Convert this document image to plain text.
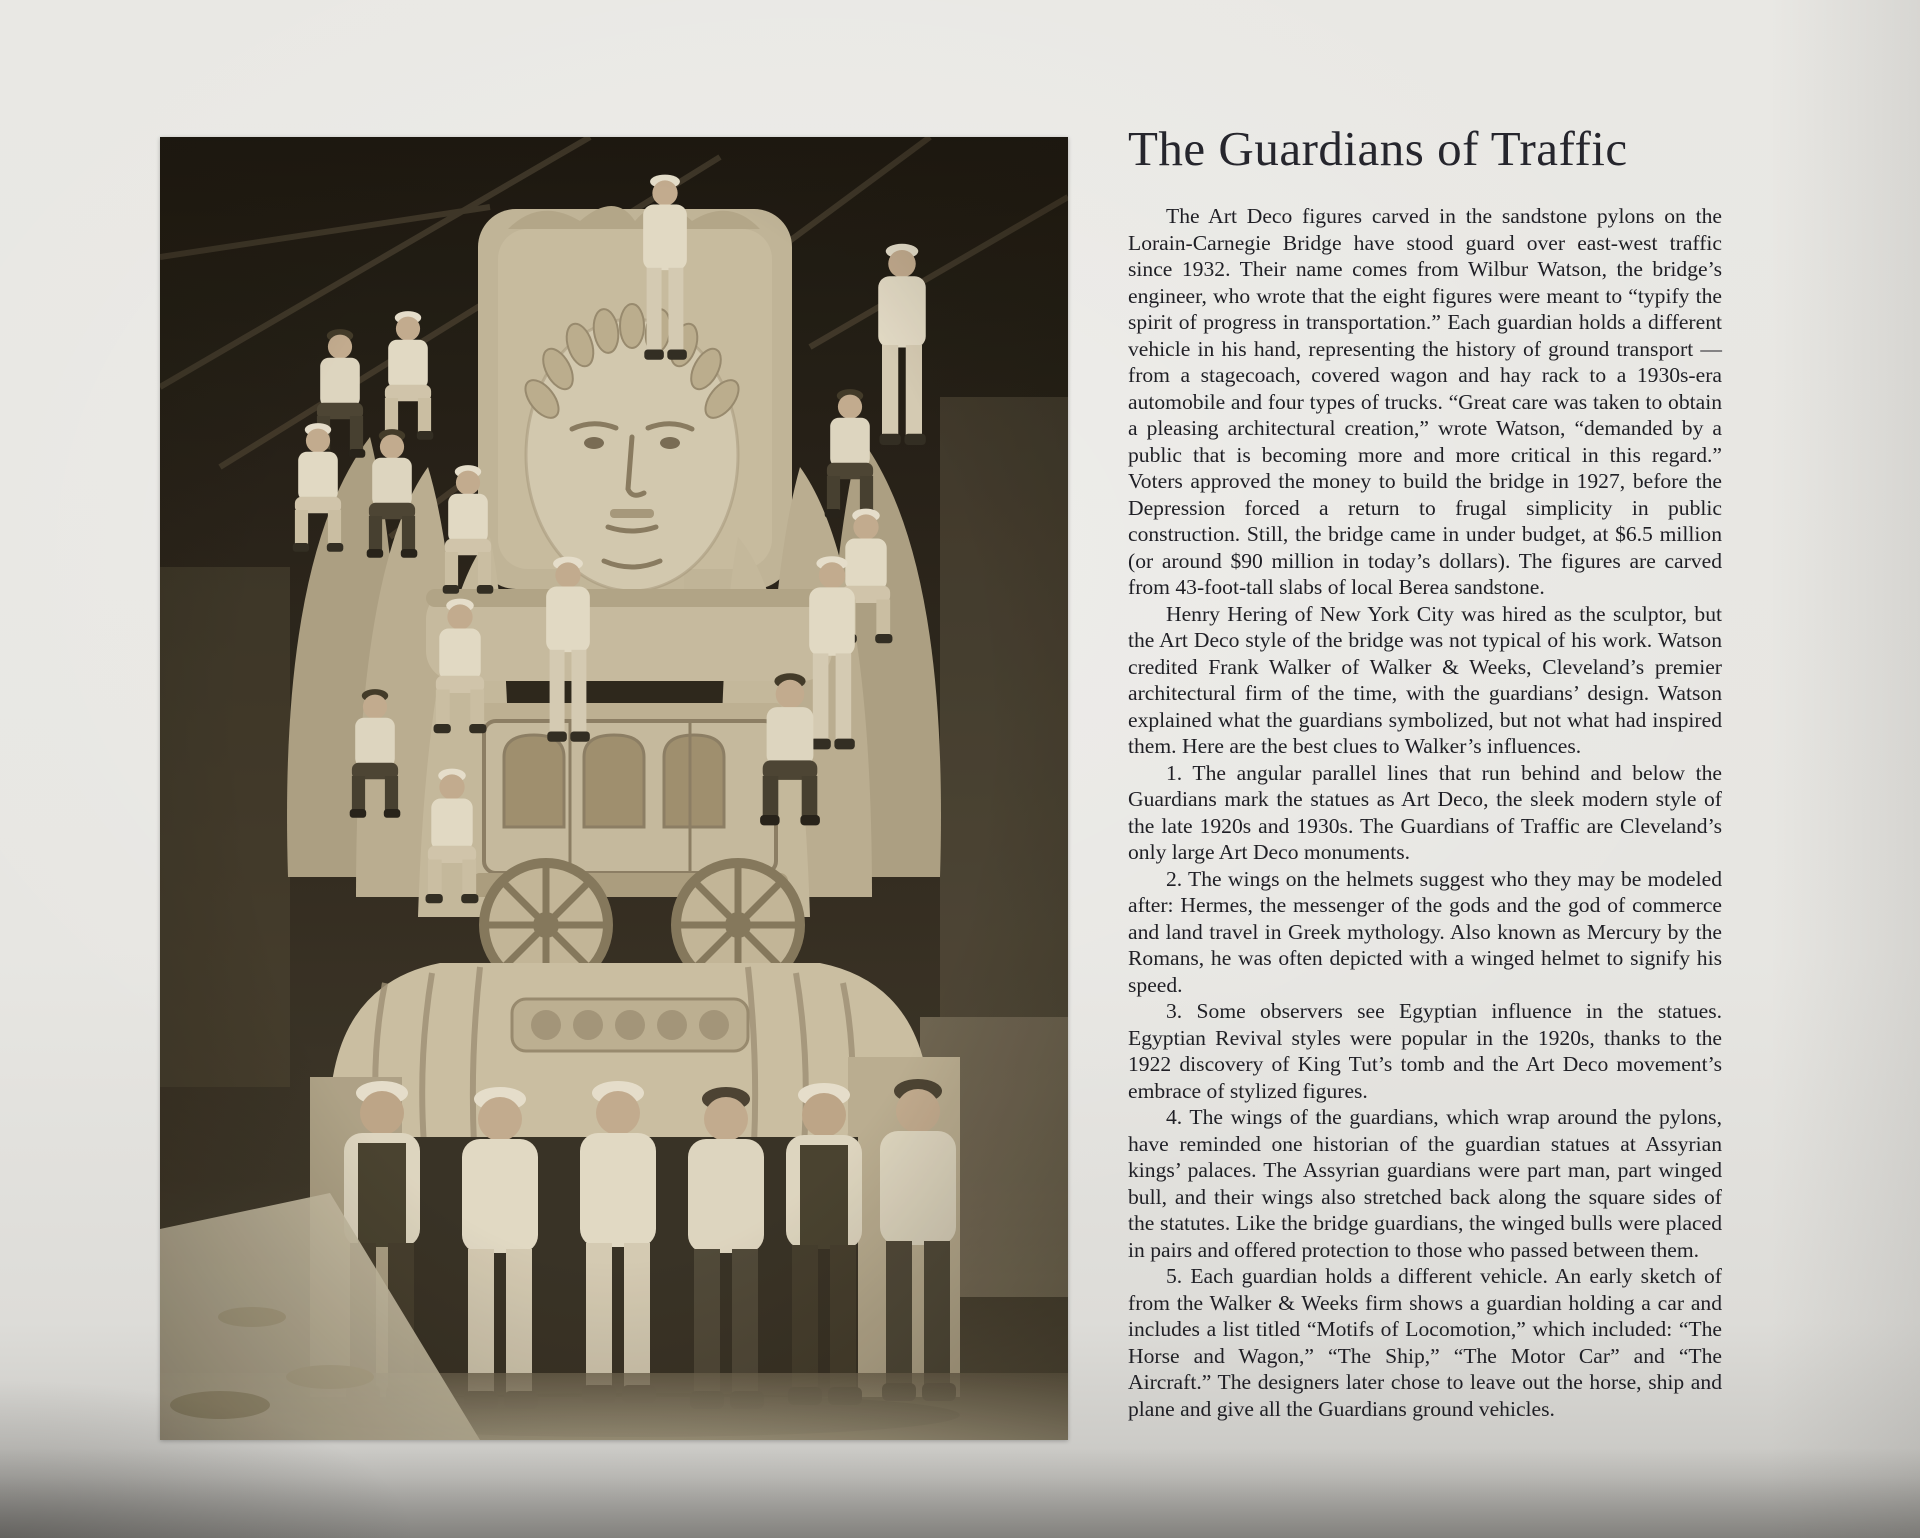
The Guardians of Traffic

The Art Deco figures carved in the sandstone pylons on the Lorain-Carnegie Bridge have stood guard over east-west traffic since 1932. Their name comes from Wilbur Watson, the bridge’s engineer, who wrote that the eight figures were meant to “typify the spirit of progress in transportation.” Each guardian holds a different vehicle in his hand, representing the history of ground transport — from a stagecoach, covered wagon and hay rack to a 1930s-era automobile and four types of trucks. “Great care was taken to obtain a pleasing architectural creation,” wrote Watson, “demanded by a public that is becoming more and more critical in this regard.” Voters approved the money to build the bridge in 1927, before the Depression forced a return to frugal simplicity in public construction. Still, the bridge came in under budget, at $6.5 million (or around $90 million in today’s dollars). The figures are carved from 43-foot-tall slabs of local Berea sandstone.

Henry Hering of New York City was hired as the sculptor, but the Art Deco style of the bridge was not typical of his work. Watson credited Frank Walker of Walker & Weeks, Cleveland’s premier architectural firm of the time, with the guardians’ design. Watson explained what the guardians symbolized, but not what had inspired them. Here are the best clues to Walker’s influences.

1. The angular parallel lines that run behind and below the Guardians mark the statues as Art Deco, the sleek modern style of the late 1920s and 1930s. The Guardians of Traffic are Cleveland’s only large Art Deco monuments.

2. The wings on the helmets suggest who they may be modeled after: Hermes, the messenger of the gods and the god of commerce and land travel in Greek mythology. Also known as Mercury by the Romans, he was often depicted with a winged helmet to signify his speed.

3. Some observers see Egyptian influence in the statues. Egyptian Revival styles were popular in the 1920s, thanks to the 1922 discovery of King Tut’s tomb and the Art Deco movement’s embrace of stylized figures.

4. The wings of the guardians, which wrap around the pylons, have reminded one historian of the guardian statues at Assyrian kings’ palaces. The Assyrian guardians were part man, part winged bull, and their wings also stretched back along the square sides of the statutes. Like the bridge guardians, the winged bulls were placed in pairs and offered protection to those who passed between them.

5. Each guardian holds a different vehicle. An early sketch of from the Walker & Weeks firm shows a guardian holding a car and includes a list titled “Motifs of Locomotion,” which included: “The Horse and Wagon,” “The Ship,” “The Motor Car” and “The Aircraft.” The designers later chose to leave out the horse, ship and plane and give all the Guardians ground vehicles.
